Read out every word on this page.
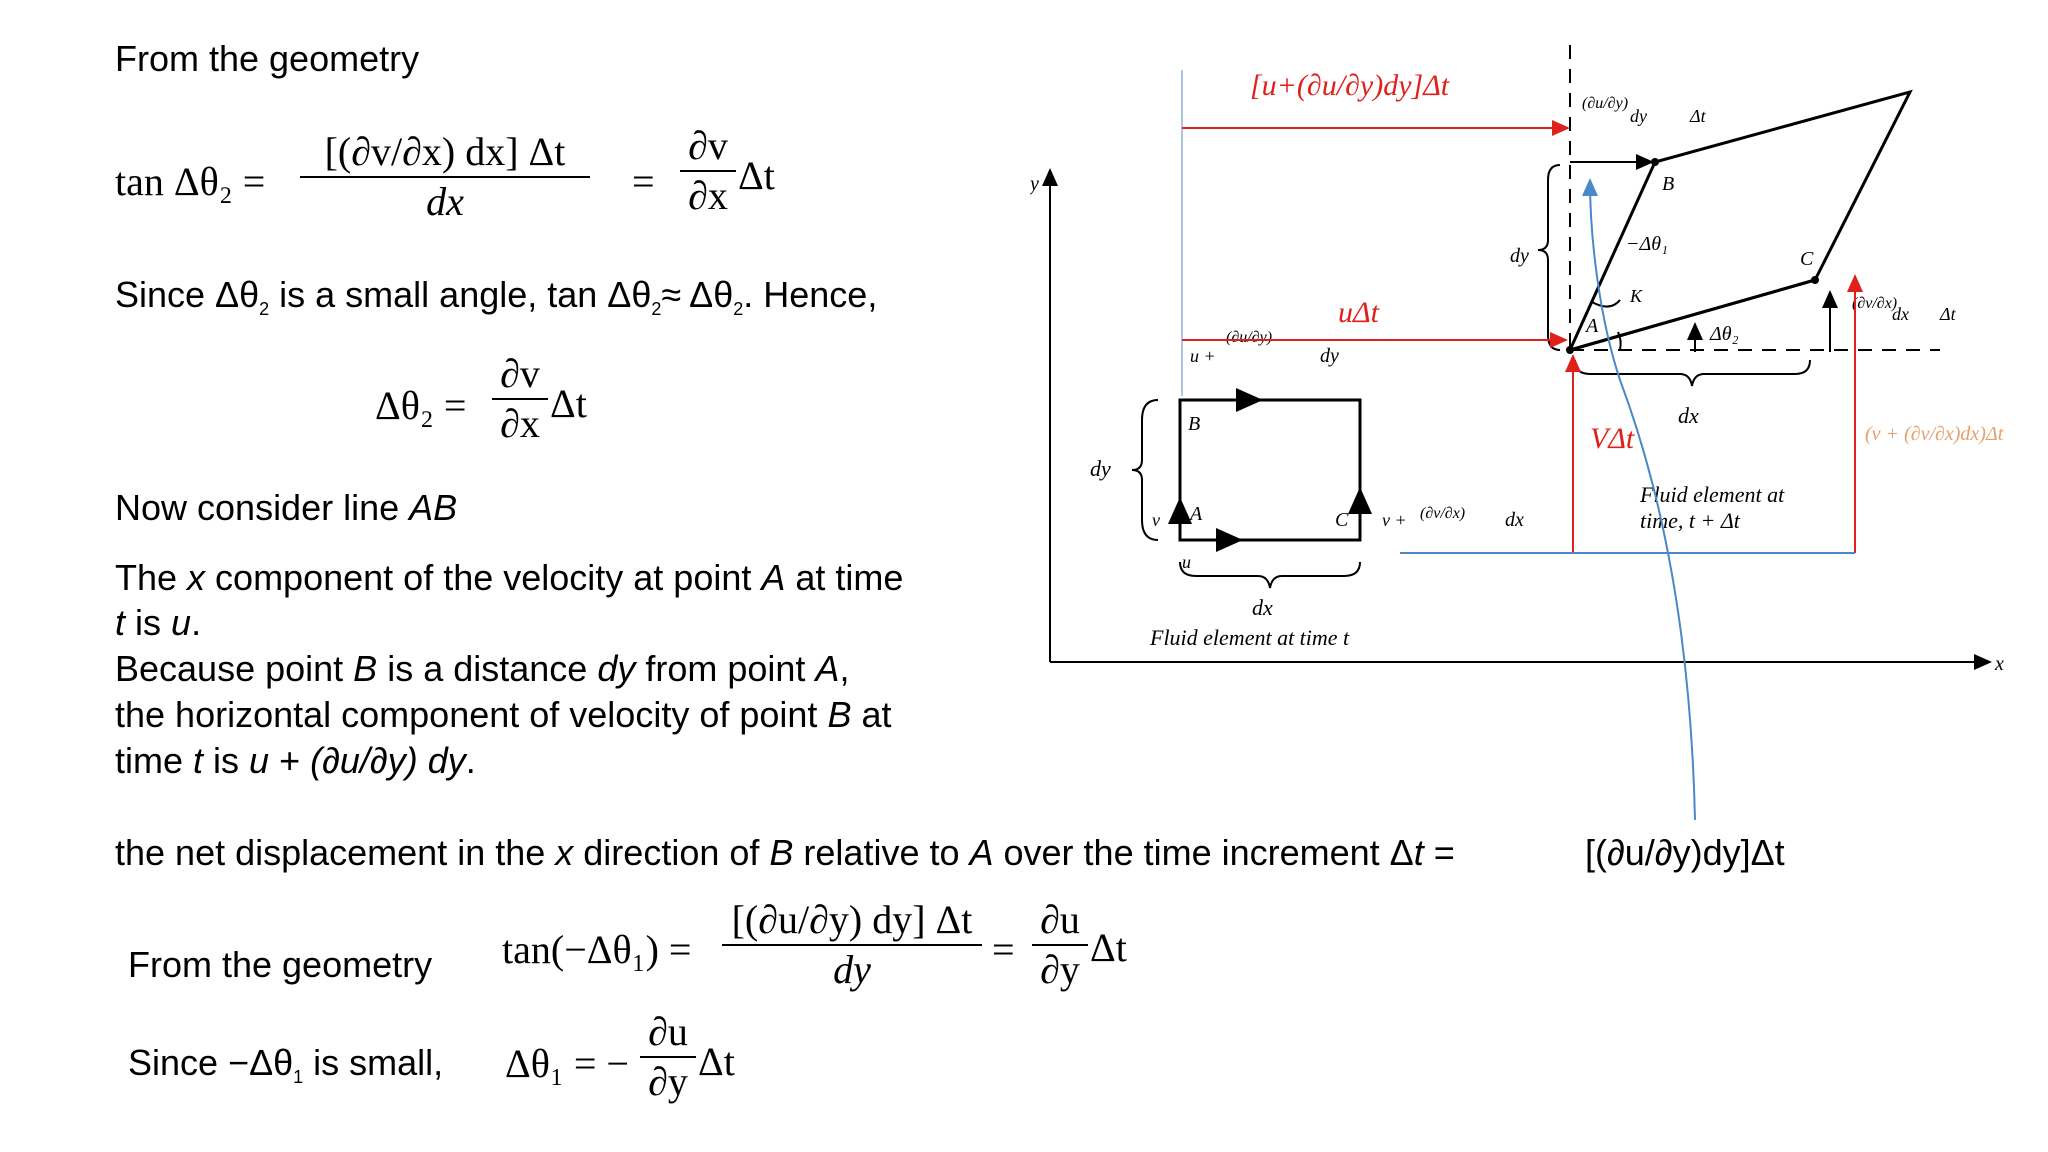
From the geometry
tan Δθ₂ =
[(∂v/∂x) dx] Δt
dx	=
∂v
∂x Δt
Since $\Delta\theta_2$ is a small angle, $\tan \Delta\theta_2\approx \Delta\theta_2$. Hence,
Δθ₂ =
∂v
∂x Δt
Now consider line AB
The x component of the velocity at point A at time
t is u.
Because point B is a distance dy from point A,
the horizontal component of velocity of point B at
time t is u + (∂u/∂y) dy.
the net displacement in the x direction of B relative to A over the time increment Δt =	[(∂u/∂y)dy]Δt
From the geometry tan(−Δθ₁) =
[(∂u/∂y) dy] Δt
dy	=
∂u
∂y Δt
Since $-\Delta\theta_1$ is small, Δθ₁ = −
∂u
∂y Δt
y
x
B
A	C
v
u
dy
dx
Fluid element at time t
u +
(∂u/∂y)
dy
v + (∂v/∂x) dx
B
A
C
K
−Δθ₁
Δθ₂
dy
dx
(∂u/∂y)
dy Δt
(∂v/∂x)
dx Δt
Fluid element at
time, t + Δt
[u+(∂u/∂y)dy]Δt
uΔt
VΔt	(v + (∂v/∂x)dx)Δt
